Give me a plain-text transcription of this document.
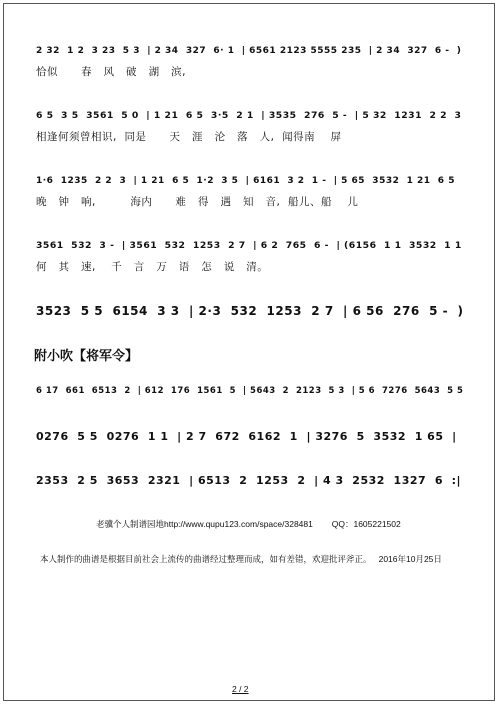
2 32  1 2  3 23  5 3  | 2 34  327  6· 1  | 6561 2123 5555 235  | 2 34  327  6 -  )
恰似      春   风   破   湖   滨,
6 5  3 5  3561  5 0  | 1 21  6 5  3·5  2 1  | 3535  276  5 -  | 5 32  1231  2 2  3
相逢何须曾相识,  同是      天   涯   沦   落   人,  闻得南    屏
1·6  1235  2 2  3  | 1 21  6 5  1·2  3 5  | 6161  3 2  1 -  | 5 65  3532  1 21  6 5
晚   钟   响,         海内      难   得   遇   知   音,  船儿、船    儿
3561  532  3 -  | 3561  532  1253  2 7  | 6 2  765  6 -  | (6156  1 1  3532  1 1
何   其   速,    千   言   万   语   怎   说   清。
3523  5 5  6154  3 3  | 2·3  532  1253  2 7  | 6 56  276  5 -  )
附小吹【将军令】
6 17  661  6513  2  | 612  176  1561  5  | 5643  2  2123  5 3  | 5 6  7276  5643  5 5
0276  5 5  0276  1 1  | 2 7  672  6162  1  | 3276  5  3532  1 65  |
2353  2 5  3653  2321  | 6513  2  1253  2  | 4 3  2532  1327  6  :|
老骥个人制谱园地http://www.qupu123.com/space/328481        QQ：1605221502
本人制作的曲谱是根据目前社会上流传的曲谱经过整理而成，如有差错，欢迎批评斧正。   2016年10月25日
2 / 2
